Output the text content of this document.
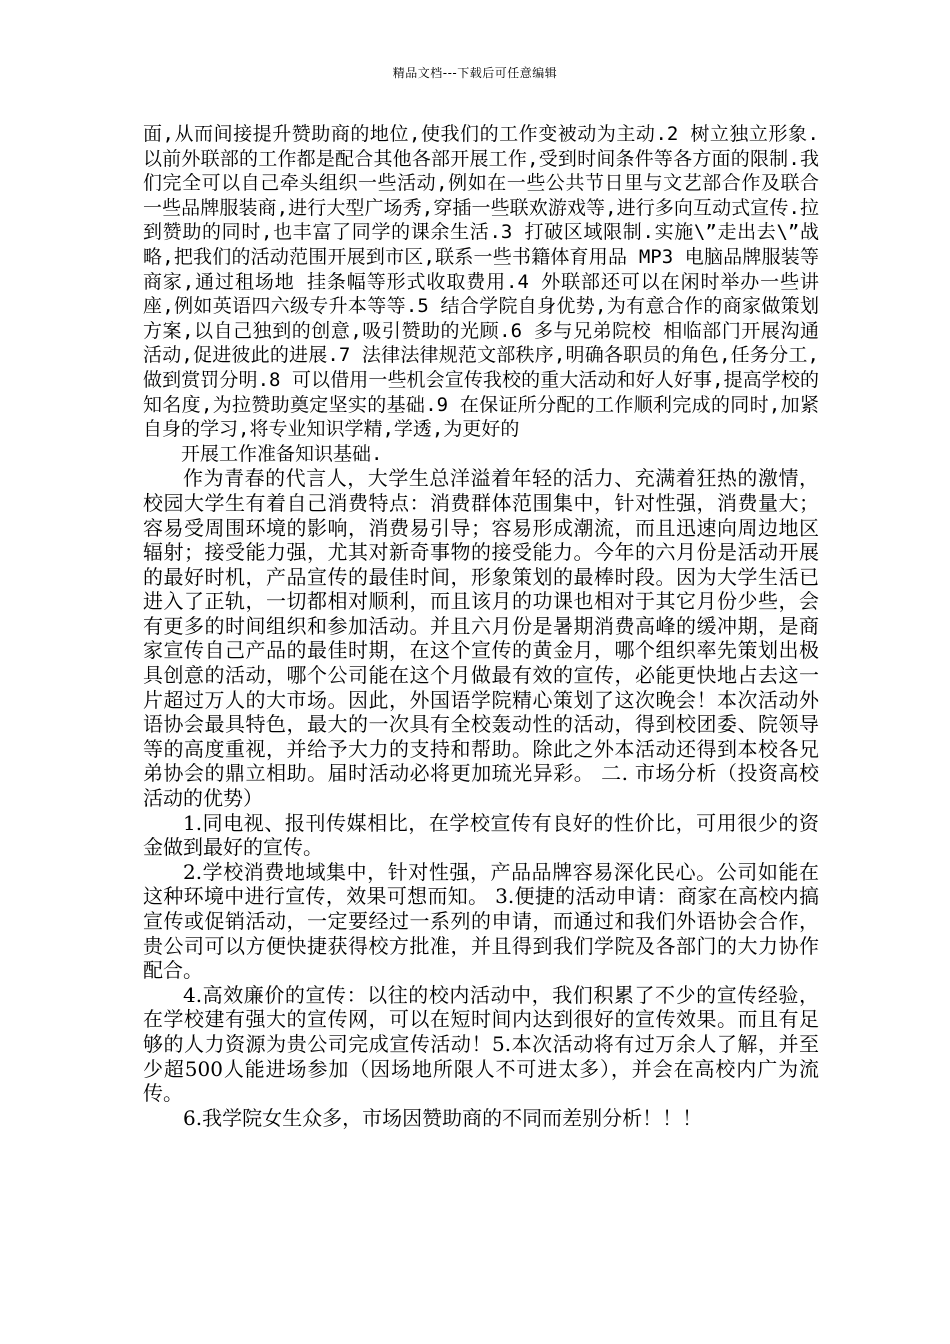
精品文档---下载后可任意编辑

面,从而间接提升赞助商的地位,使我们的工作变被动为主动.2 树立独立形象.以前外联部的工作都是配合其他各部开展工作,受到时间条件等各方面的限制.我们完全可以自己牵头组织一些活动,例如在一些公共节日里与文艺部合作及联合一些品牌服装商,进行大型广场秀,穿插一些联欢游戏等,进行多向互动式宣传.拉到赞助的同时,也丰富了同学的课余生活.3 打破区域限制.实施\”走出去\”战略,把我们的活动范围开展到市区,联系一些书籍体育用品 MP3 电脑品牌服装等商家,通过租场地 挂条幅等形式收取费用.4 外联部还可以在闲时举办一些讲座,例如英语四六级专升本等等.5 结合学院自身优势,为有意合作的商家做策划方案,以自己独到的创意,吸引赞助的光顾.6 多与兄弟院校 相临部门开展沟通活动,促进彼此的进展.7 法律法律规范文部秩序,明确各职员的角色,任务分工,做到赏罚分明.8 可以借用一些机会宣传我校的重大活动和好人好事,提高学校的知名度,为拉赞助奠定坚实的基础.9 在保证所分配的工作顺利完成的同时,加紧自身的学习,将专业知识学精,学透,为更好的

开展工作准备知识基础.

作为青春的代言人，大学生总洋溢着年轻的活力、充满着狂热的激情，校园大学生有着自己消费特点：消费群体范围集中，针对性强，消费量大；容易受周围环境的影响，消费易引导；容易形成潮流，而且迅速向周边地区辐射；接受能力强，尤其对新奇事物的接受能力。今年的六月份是活动开展的最好时机，产品宣传的最佳时间，形象策划的最棒时段。因为大学生活已进入了正轨，一切都相对顺利，而且该月的功课也相对于其它月份少些，会有更多的时间组织和参加活动。并且六月份是暑期消费高峰的缓冲期，是商家宣传自己产品的最佳时期，在这个宣传的黄金月，哪个组织率先策划出极具创意的活动，哪个公司能在这个月做最有效的宣传，必能更快地占去这一片超过万人的大市场。因此，外国语学院精心策划了这次晚会！本次活动外语协会最具特色，最大的一次具有全校轰动性的活动，得到校团委、院领导等的高度重视，并给予大力的支持和帮助。除此之外本活动还得到本校各兄弟协会的鼎立相助。届时活动必将更加琉光异彩。 二. 市场分析（投资高校活动的优势）

1.同电视、报刊传媒相比，在学校宣传有良好的性价比，可用很少的资金做到最好的宣传。

2.学校消费地域集中，针对性强，产品品牌容易深化民心。公司如能在这种环境中进行宣传，效果可想而知。 3.便捷的活动申请：商家在高校内搞宣传或促销活动，一定要经过一系列的申请，而通过和我们外语协会合作，贵公司可以方便快捷获得校方批准，并且得到我们学院及各部门的大力协作配合。

4.高效廉价的宣传：以往的校内活动中，我们积累了不少的宣传经验，在学校建有强大的宣传网，可以在短时间内达到很好的宣传效果。而且有足够的人力资源为贵公司完成宣传活动！5.本次活动将有过万余人了解，并至少超500人能进场参加（因场地所限人不可进太多），并会在高校内广为流传。

6.我学院女生众多，市场因赞助商的不同而差别分析！！！
